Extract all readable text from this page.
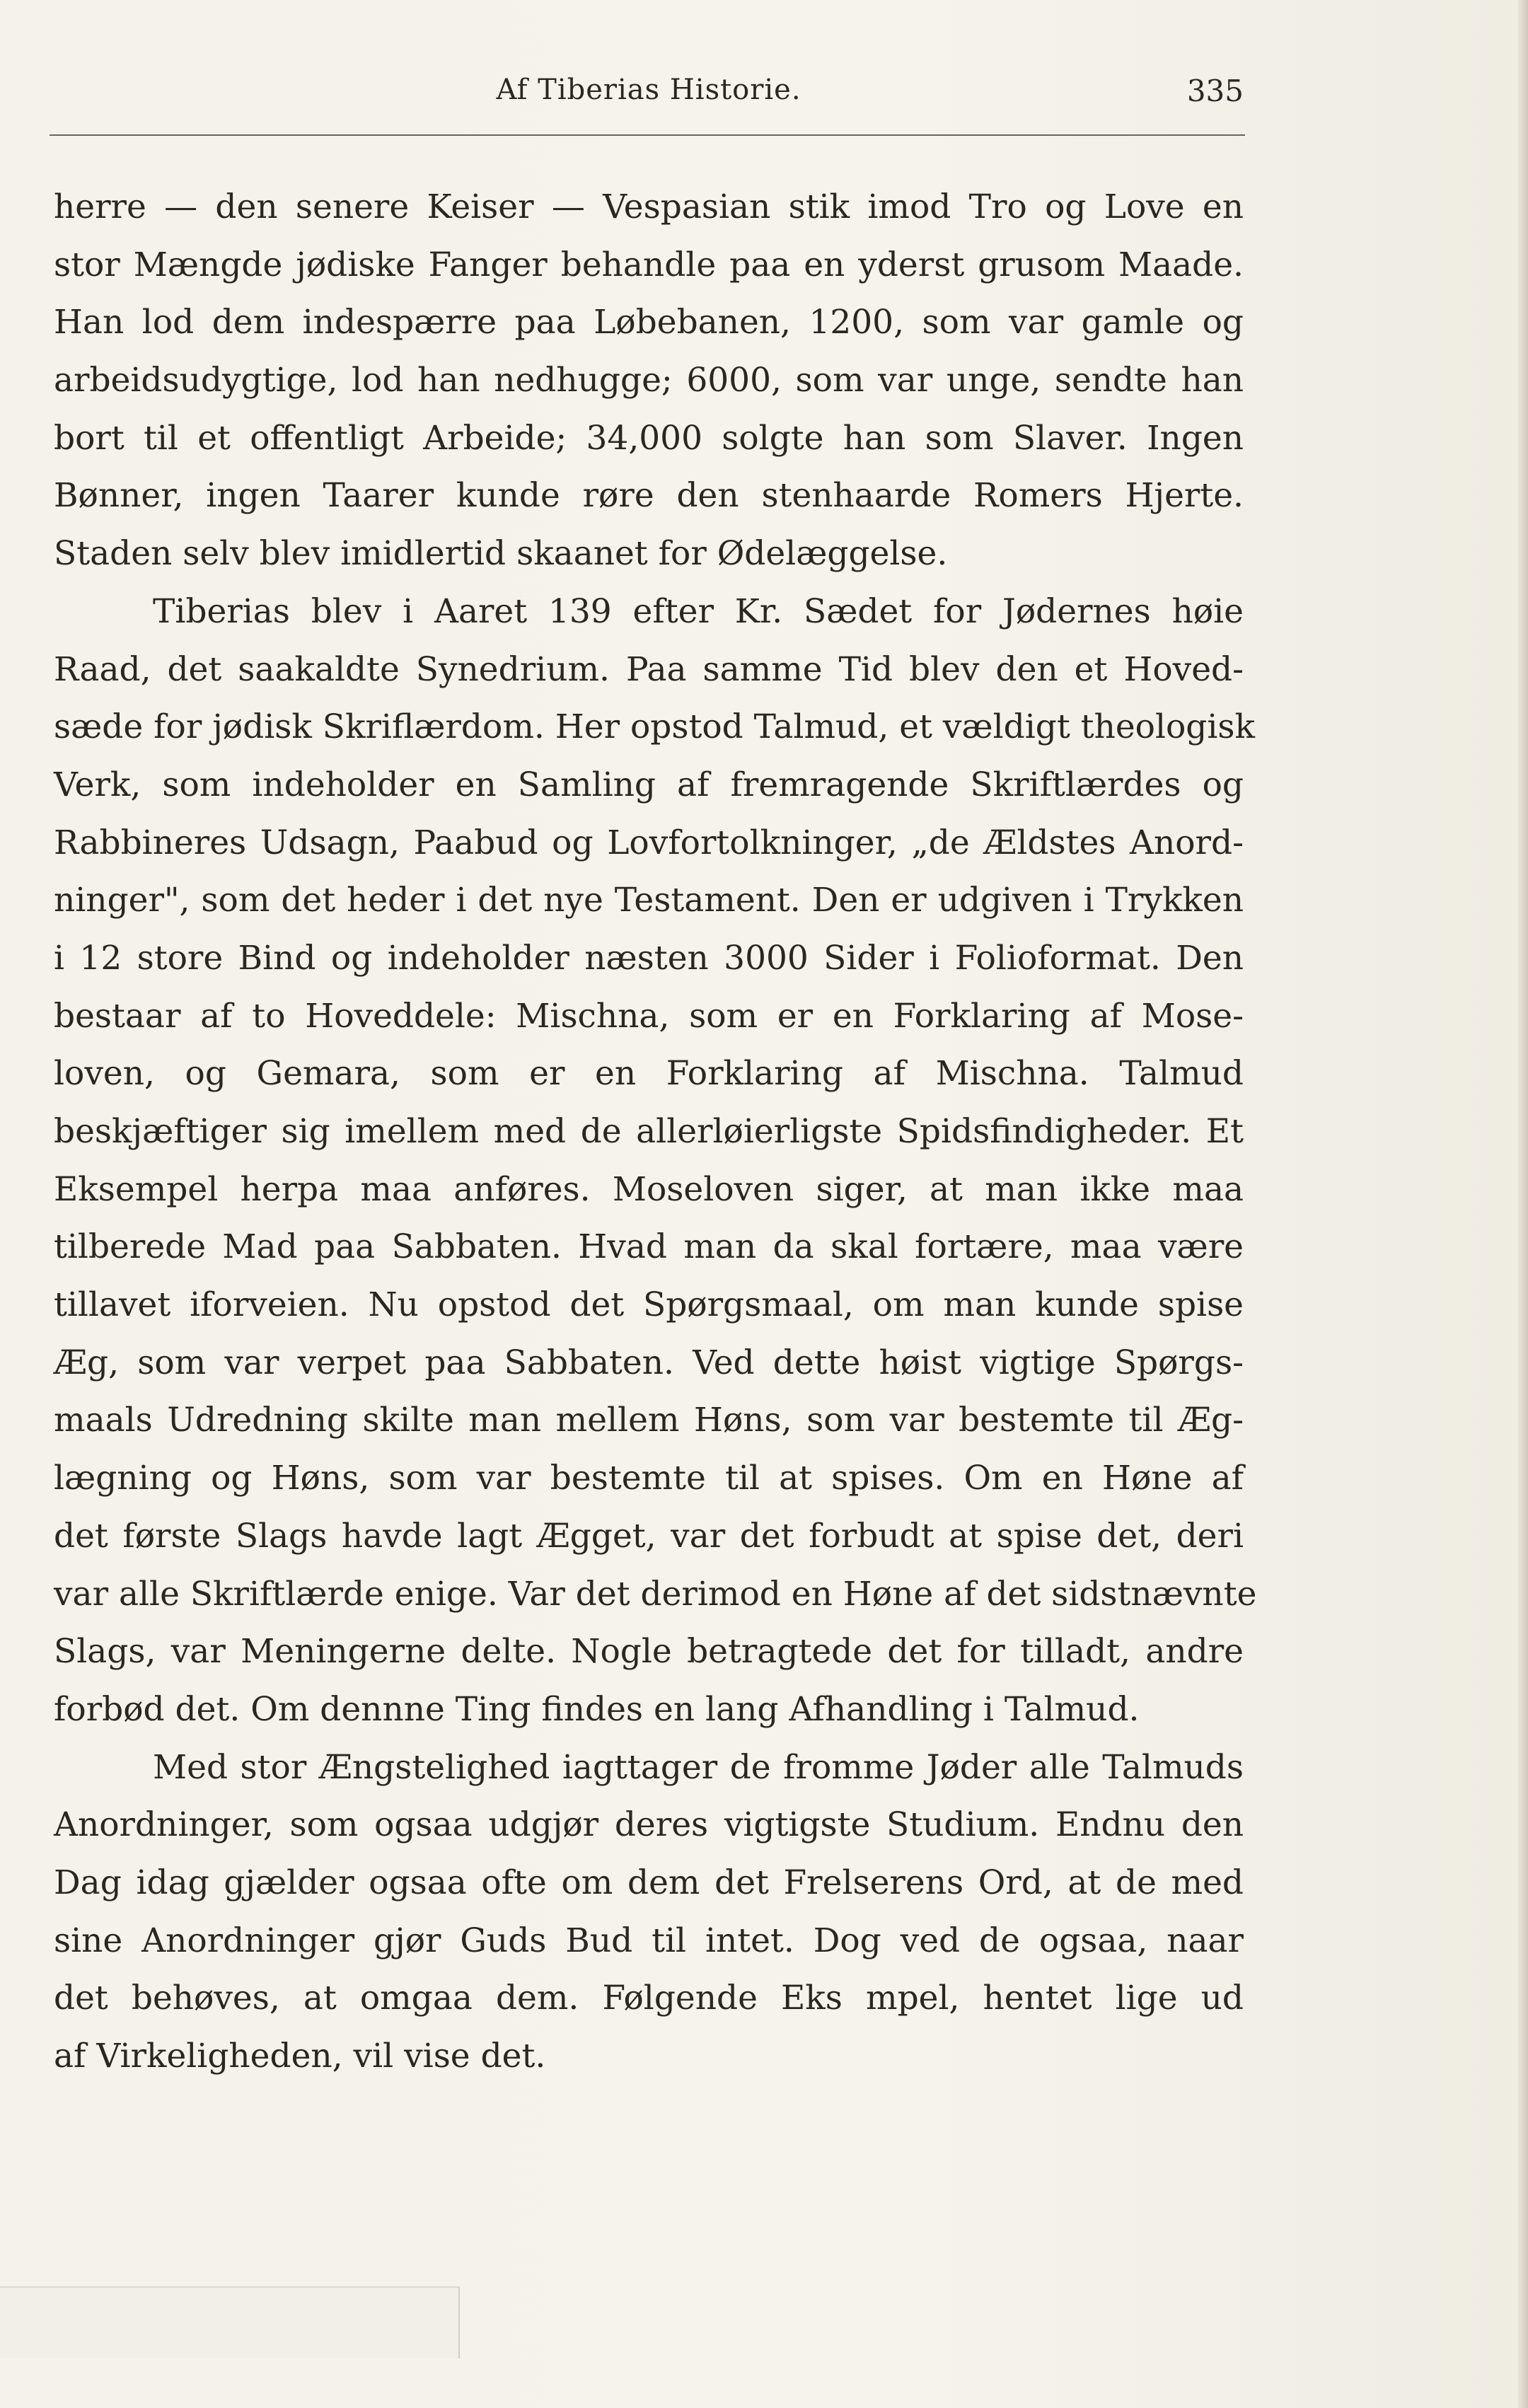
Af Tiberias Historie.	335
herre — den senere Keiser — Vespasian stik imod Tro og Love en
stor Mængde jødiske Fanger behandle paa en yderst grusom Maade.
Han lod dem indespærre paa Løbebanen, 1200, som var gamle og
arbeidsudygtige, lod han nedhugge; 6000, som var unge, sendte han
bort til et offentligt Arbeide; 34,000 solgte han som Slaver. Ingen
Bønner, ingen Taarer kunde røre den stenhaarde Romers Hjerte.
Staden selv blev imidlertid skaanet for Ødelæggelse.
Tiberias blev i Aaret 139 efter Kr. Sædet for Jødernes høie
Raad, det saakaldte Synedrium. Paa samme Tid blev den et Hoved-
sæde for jødisk Skriflærdom. Her opstod Talmud, et vældigt theologisk
Verk, som indeholder en Samling af fremragende Skriftlærdes og
Rabbineres Udsagn, Paabud og Lovfortolkninger, „de Ældstes Anord-
ninger", som det heder i det nye Testament. Den er udgiven i Trykken
i 12 store Bind og indeholder næsten 3000 Sider i Folioformat. Den
bestaar af to Hoveddele: Mischna, som er en Forklaring af Mose-
loven, og Gemara, som er en Forklaring af Mischna. Talmud
beskjæftiger sig imellem med de allerløierligste Spidsfindigheder. Et
Eksempel herpa maa anføres. Moseloven siger, at man ikke maa
tilberede Mad paa Sabbaten. Hvad man da skal fortære, maa være
tillavet iforveien. Nu opstod det Spørgsmaal, om man kunde spise
Æg, som var verpet paa Sabbaten. Ved dette høist vigtige Spørgs-
maals Udredning skilte man mellem Høns, som var bestemte til Æg-
lægning og Høns, som var bestemte til at spises. Om en Høne af
det første Slags havde lagt Ægget, var det forbudt at spise det, deri
var alle Skriftlærde enige. Var det derimod en Høne af det sidstnævnte
Slags, var Meningerne delte. Nogle betragtede det for tilladt, andre
forbød det. Om dennne Ting findes en lang Afhandling i Talmud.
Med stor Ængstelighed iagttager de fromme Jøder alle Talmuds
Anordninger, som ogsaa udgjør deres vigtigste Studium. Endnu den
Dag idag gjælder ogsaa ofte om dem det Frelserens Ord, at de med
sine Anordninger gjør Guds Bud til intet. Dog ved de ogsaa, naar
det behøves, at omgaa dem. Følgende Eks mpel, hentet lige ud
af Virkeligheden, vil vise det.
